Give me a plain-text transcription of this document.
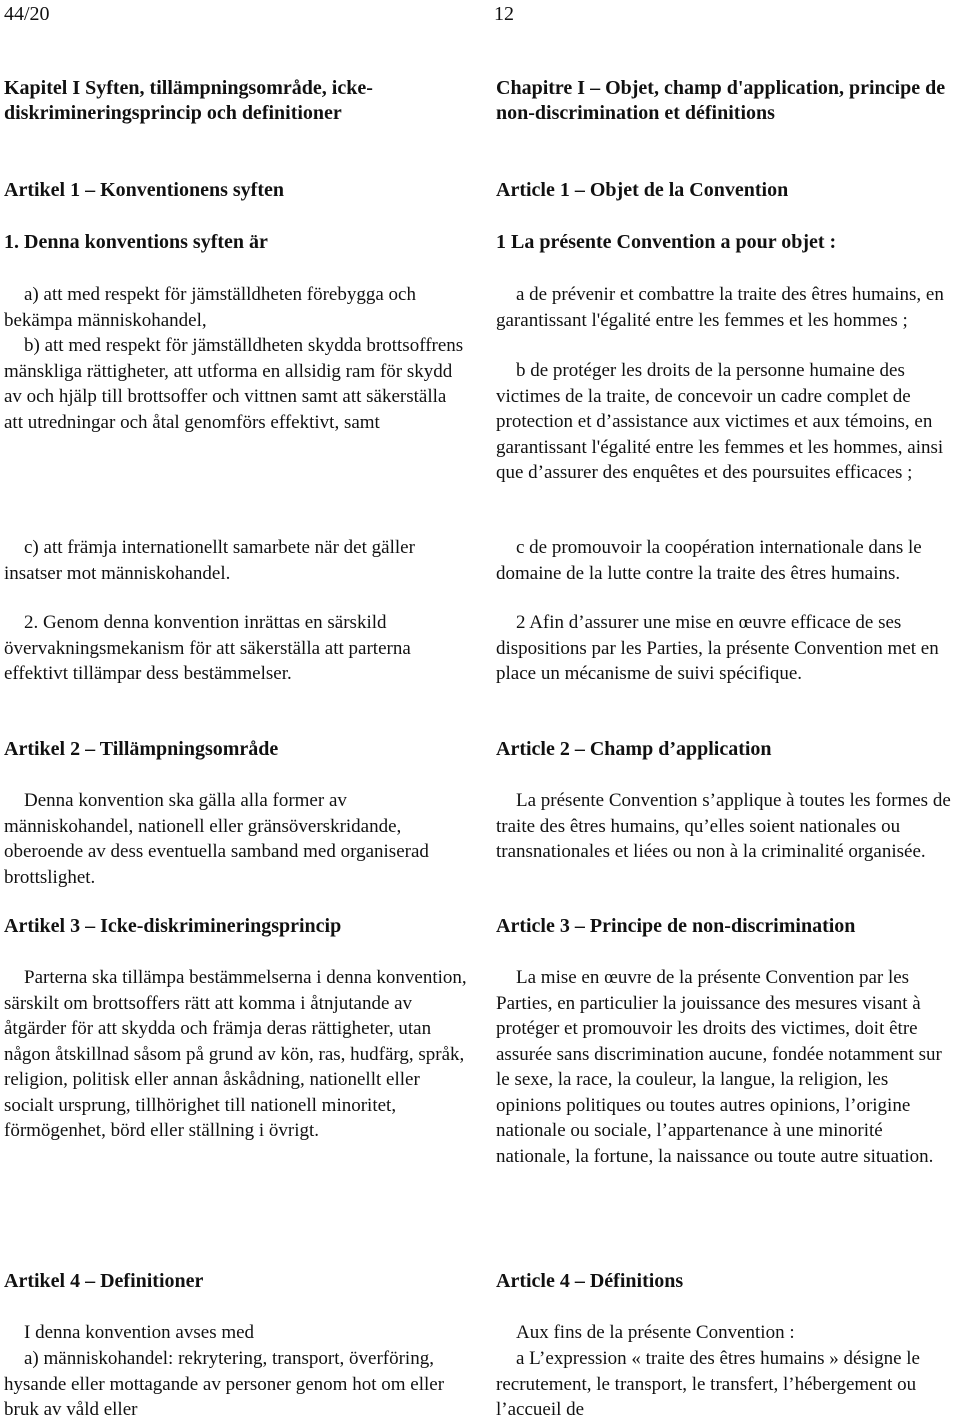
44/20	12
Kapitel I Syften, tillämpningsområde, icke-diskrimineringsprincip och definitioner
Artikel 1 – Konventionens syften
1. Denna konventions syften är

a) att med respekt för jämställdheten förebygga och bekämpa människohandel,

b) att med respekt för jämställdheten skydda brottsoffrens mänskliga rättigheter, att utforma en allsidig ram för skydd av och hjälp till brottsoffer och vittnen samt att säkerställa att utredningar och åtal genomförs effektivt, samt

c) att främja internationellt samarbete när det gäller insatser mot människohandel.

2. Genom denna konvention inrättas en särskild övervakningsmekanism för att säkerställa att parterna effektivt tillämpar dess bestämmelser.

Artikel 2 – Tillämpningsområde

Denna konvention ska gälla alla former av människohandel, nationell eller gränsöverskridande, oberoende av dess eventuella samband med organiserad brottslighet.

Artikel 3 – Icke-diskrimineringsprincip

Parterna ska tillämpa bestämmelserna i denna konvention, särskilt om brottsoffers rätt att komma i åtnjutande av åtgärder för att skydda och främja deras rättigheter, utan någon åtskillnad såsom på grund av kön, ras, hudfärg, språk, religion, politisk eller annan åskådning, nationellt eller socialt ursprung, tillhörighet till nationell minoritet, förmögenhet, börd eller ställning i övrigt.

Artikel 4 – Definitioner

I denna konvention avses med

a) människohandel: rekrytering, transport, överföring, hysande eller mottagande av personer genom hot om eller bruk av våld eller

Chapitre I – Objet, champ d'application, principe de non-discrimination et définitions
Article 1 – Objet de la Convention
1 La présente Convention a pour objet :

a de prévenir et combattre la traite des êtres humains, en garantissant l'égalité entre les femmes et les hommes ;

b de protéger les droits de la personne humaine des victimes de la traite, de concevoir un cadre complet de protection et d’assistance aux victimes et aux témoins, en garantissant l'égalité entre les femmes et les hommes, ainsi que d’assurer des enquêtes et des poursuites efficaces ;

c de promouvoir la coopération internationale dans le domaine de la lutte contre la traite des êtres humains.

2 Afin d’assurer une mise en œuvre efficace de ses dispositions par les Parties, la présente Convention met en place un mécanisme de suivi spécifique.

Article 2 – Champ d’application

La présente Convention s’applique à toutes les formes de traite des êtres humains, qu’elles soient nationales ou transnationales et liées ou non à la criminalité organisée.

Article 3 – Principe de non-discrimination

La mise en œuvre de la présente Convention par les Parties, en particulier la jouissance des mesures visant à protéger et promouvoir les droits des victimes, doit être assurée sans discrimination aucune, fondée notamment sur le sexe, la race, la couleur, la langue, la religion, les opinions politiques ou toutes autres opinions, l’origine nationale ou sociale, l’appartenance à une minorité nationale, la fortune, la naissance ou toute autre situation.

Article 4 – Définitions

Aux fins de la présente Convention :

a L’expression « traite des êtres humains » désigne le recrutement, le transport, le transfert, l’hébergement ou l’accueil de
